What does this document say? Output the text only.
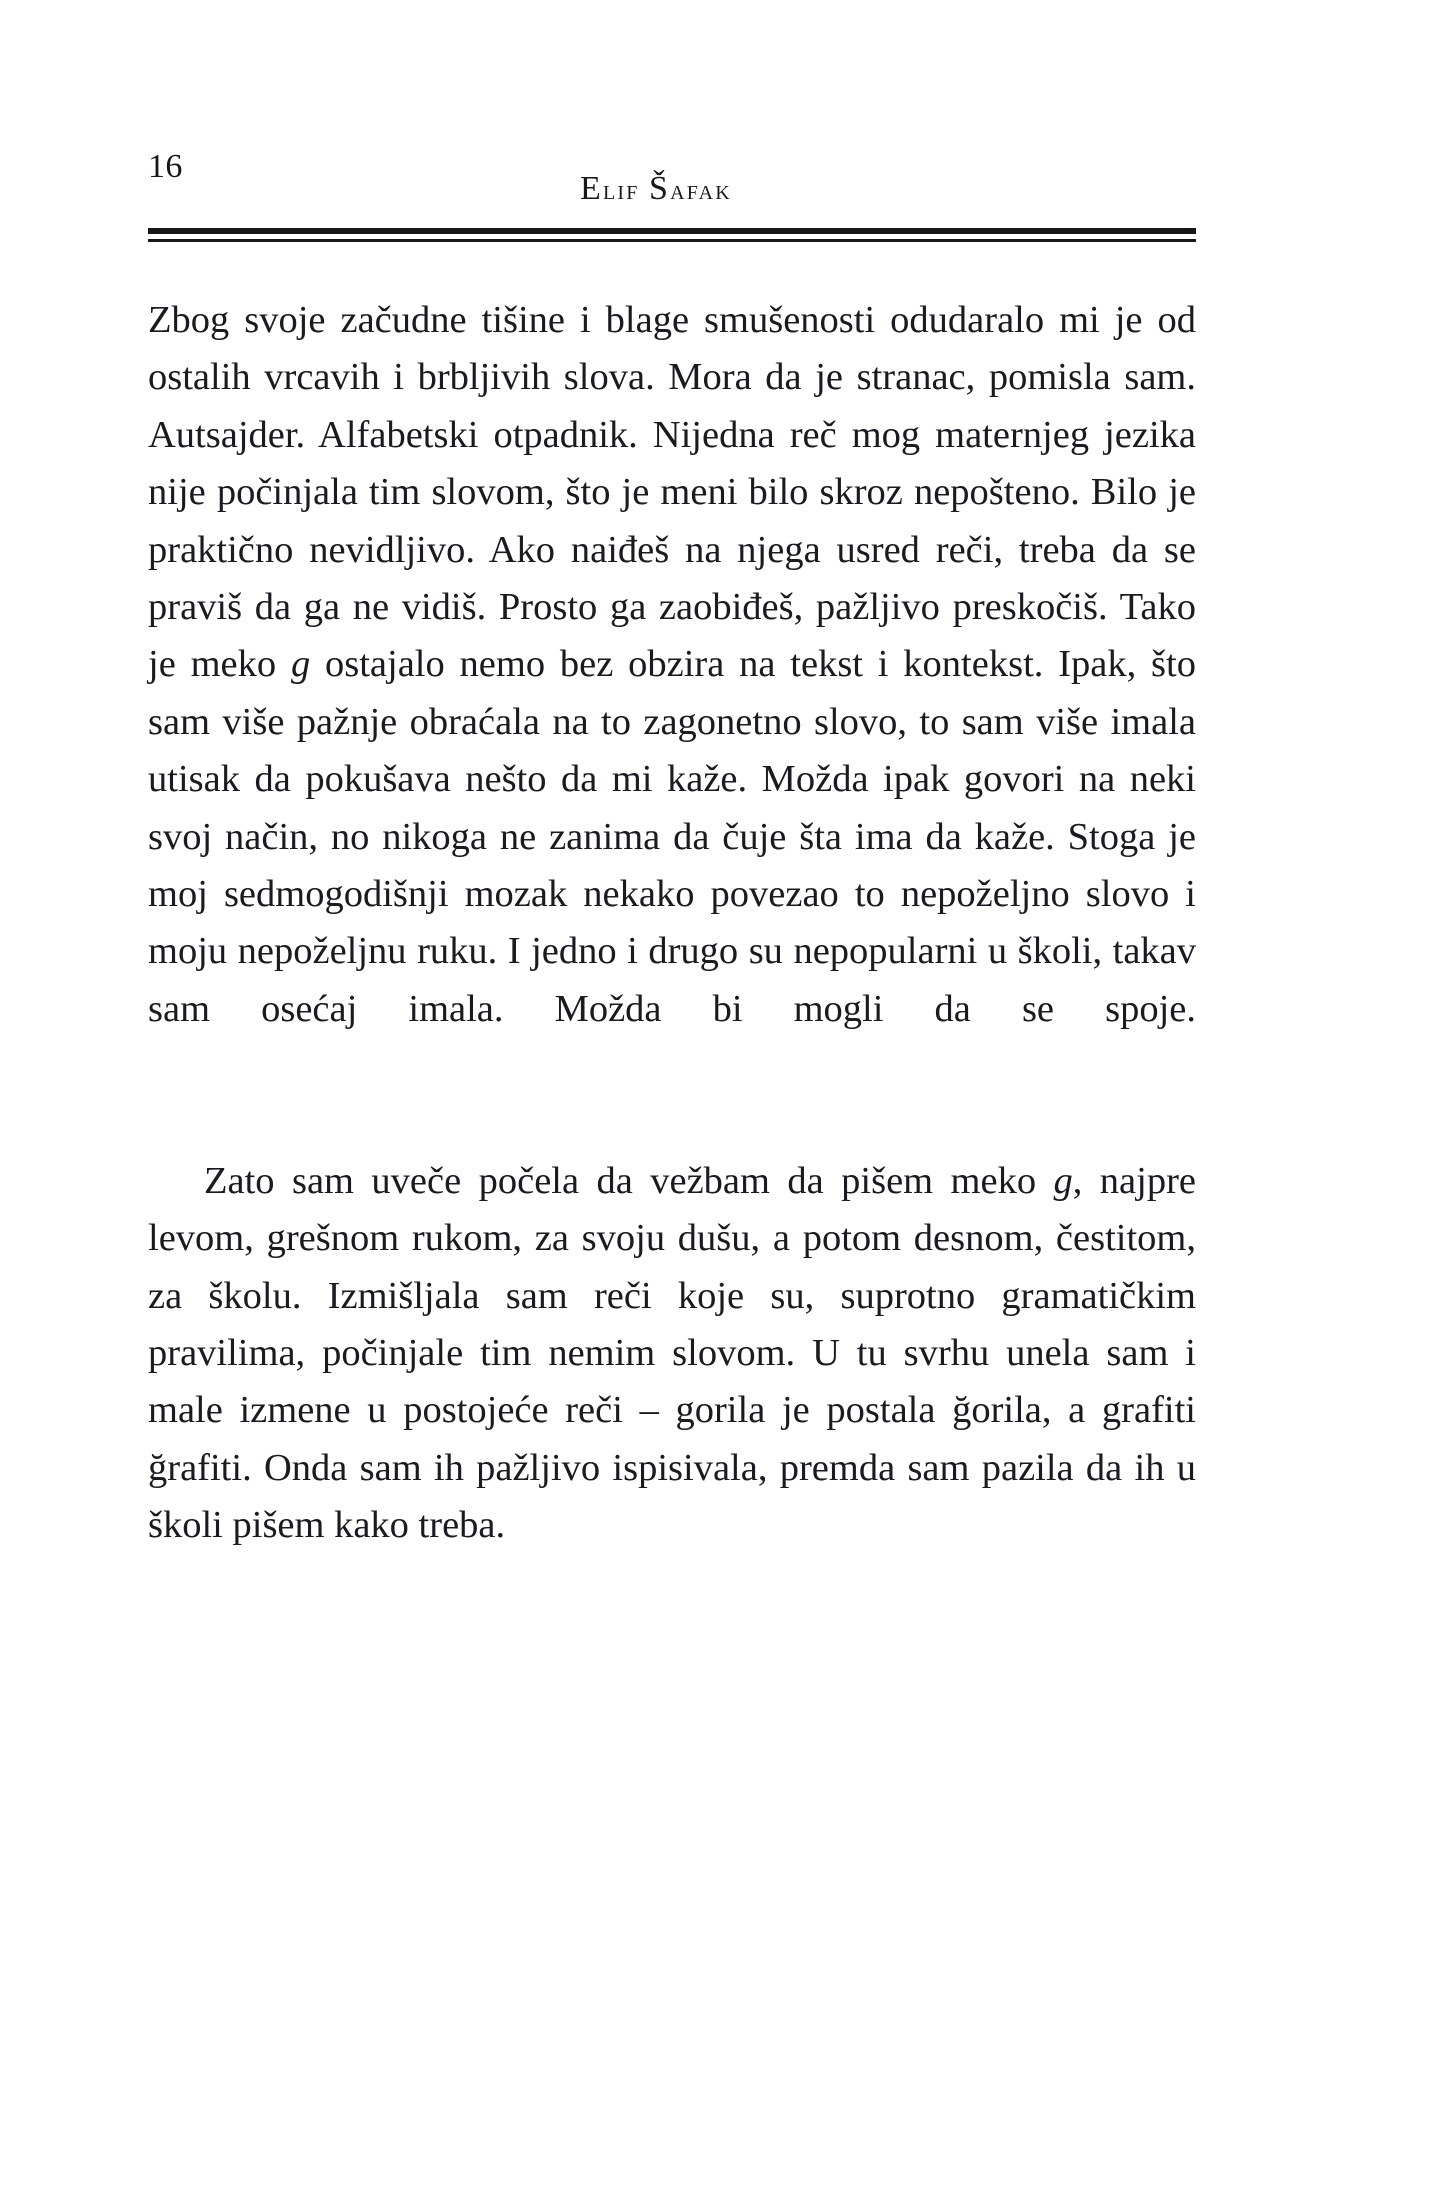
16
Elif Šafak

Zbog svoje začudne tišine i blage smušenosti odudaralo mi je od ostalih vrcavih i brbljivih slova. Mora da je stranac, pomisla sam. Autsajder. Alfabetski otpadnik. Nijedna reč mog maternjeg jezika nije počinjala tim slovom, što je meni bilo skroz nepošteno. Bilo je praktično nevidljivo. Ako naiđeš na njega usred reči, treba da se praviš da ga ne vidiš. Prosto ga zaobiđeš, pažljivo preskočiš. Tako je meko g ostajalo nemo bez obzira na tekst i kontekst. Ipak, što sam više pažnje obraćala na to zagonetno slovo, to sam više imala utisak da pokušava nešto da mi kaže. Možda ipak govori na neki svoj način, no nikoga ne zanima da čuje šta ima da kaže. Stoga je moj sedmogodišnji mozak nekako povezao to nepoželjno slovo i moju nepoželjnu ruku. I jedno i drugo su nepopularni u školi, takav sam osećaj imala. Možda bi mogli da se spoje.

Zato sam uveče počela da vežbam da pišem meko g, najpre levom, grešnom rukom, za svoju dušu, a potom desnom, čestitom, za školu. Izmišljala sam reči koje su, suprotno gramatičkim pravilima, počinjale tim nemim slovom. U tu svrhu unela sam i male izmene u postojeće reči – gorila je postala ğorila, a grafiti ğrafiti. Onda sam ih pažljivo ispisivala, premda sam pazila da ih u školi pišem kako treba.
